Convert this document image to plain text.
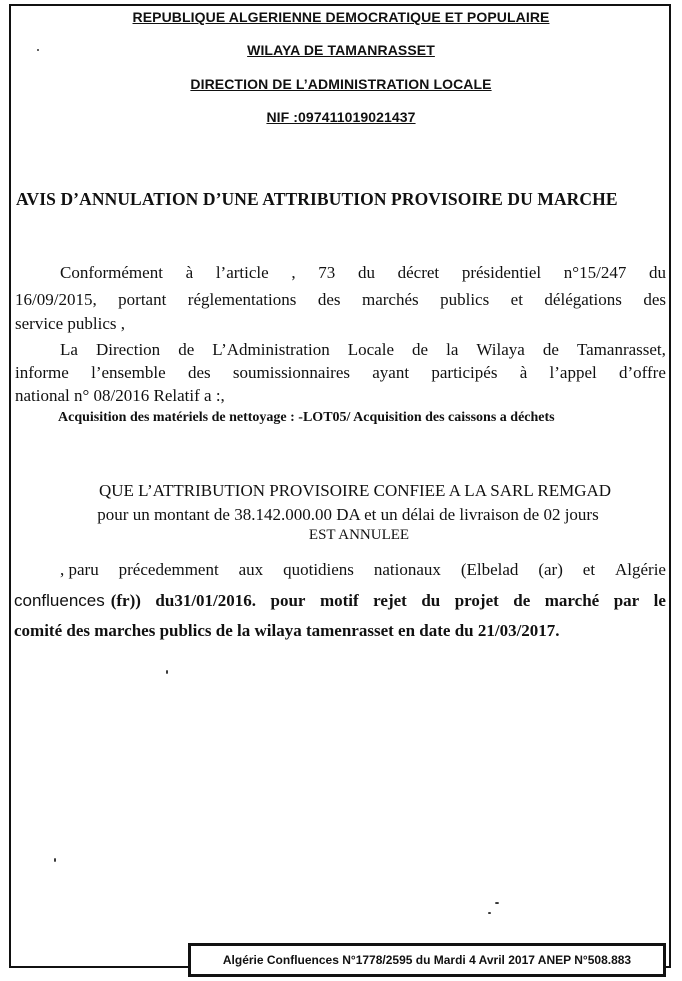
REPUBLIQUE ALGERIENNE DEMOCRATIQUE ET POPULAIRE
WILAYA DE TAMANRASSET
DIRECTION DE L’ADMINISTRATION LOCALE
NIF :097411019021437
AVIS D’ANNULATION D’UNE ATTRIBUTION PROVISOIRE DU MARCHE
Conformément à l’article , 73 du décret présidentiel n°15/247 du
16/09/2015, portant réglementations des marchés publics et délégations des
service publics ,
La Direction de L’Administration Locale de la Wilaya de Tamanrasset,
informe l’ensemble des soumissionnaires ayant participés à l’appel d’offre
national n° 08/2016 Relatif a :,
Acquisition des matériels de nettoyage : -LOT05/ Acquisition des caissons a déchets
QUE L’ATTRIBUTION PROVISOIRE CONFIEE A LA SARL REMGAD
pour un montant de 38.142.000.00 DA et un délai de livraison de 02 jours
EST ANNULEE
, paru précedemment aux quotidiens nationaux (Elbelad (ar) et Algérie
confluences (fr)) du31/01/2016. pour motif rejet du projet de marché par le
comité des marches publics de la wilaya tamenrasset en date du 21/03/2017.
Algérie Confluences N°1778/2595 du Mardi 4 Avril 2017 ANEP N°508.883
